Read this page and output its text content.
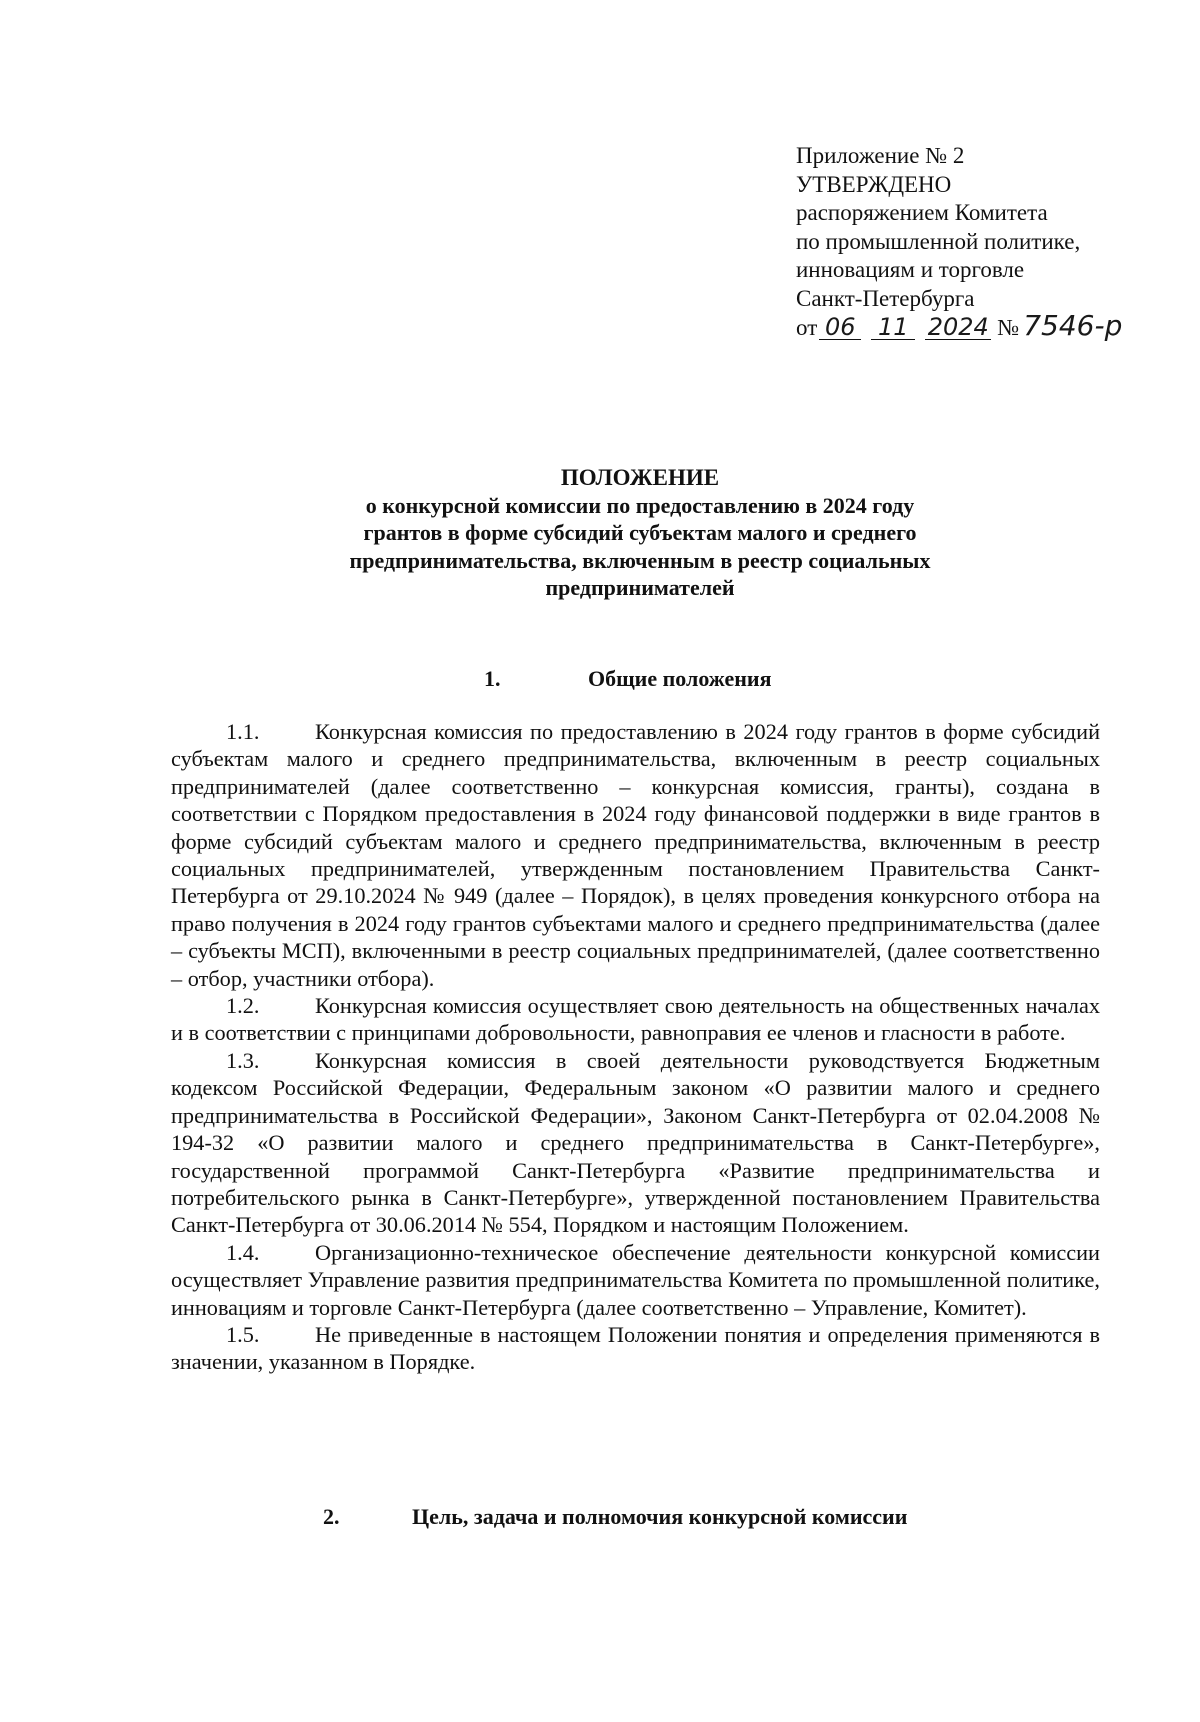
Приложение № 2
УТВЕРЖДЕНО
распоряжением Комитета
по промышленной политике,
инновациям и торговле
Санкт-Петербурга
от 06 11 2024 № 7546-р
ПОЛОЖЕНИЕ
о конкурсной комиссии по предоставлению в 2024 году
грантов в форме субсидий субъектам малого и среднего
предпринимательства, включенным в реестр социальных
предпринимателей
1.	Общие положения

1.1. Конкурсная комиссия по предоставлению в 2024 году грантов в форме субсидий субъектам малого и среднего предпринимательства, включенным в реестр социальных предпринимателей (далее соответственно – конкурсная комиссия, гранты), создана в соответствии с Порядком предоставления в 2024 году финансовой поддержки в виде грантов в форме субсидий субъектам малого и среднего предпринимательства, включенным в реестр социальных предпринимателей, утвержденным постановлением Правительства Санкт-Петербурга от 29.10.2024 № 949 (далее – Порядок), в целях проведения конкурсного отбора на право получения в 2024 году грантов субъектами малого и среднего предпринимательства (далее – субъекты МСП), включенными в реестр социальных предпринимателей, (далее соответственно – отбор, участники отбора).

1.2. Конкурсная комиссия осуществляет свою деятельность на общественных началах и в соответствии с принципами добровольности, равноправия ее членов и гласности в работе.

1.3. Конкурсная комиссия в своей деятельности руководствуется Бюджетным кодексом Российской Федерации, Федеральным законом «О развитии малого и среднего предпринимательства в Российской Федерации», Законом Санкт-Петербурга от 02.04.2008 № 194-32 «О развитии малого и среднего предпринимательства в Санкт-Петербурге», государственной программой Санкт-Петербурга «Развитие предпринимательства и потребительского рынка в Санкт-Петербурге», утвержденной постановлением Правительства Санкт-Петербурга от 30.06.2014 № 554, Порядком и настоящим Положением.

1.4. Организационно-техническое обеспечение деятельности конкурсной комиссии осуществляет Управление развития предпринимательства Комитета по промышленной политике, инновациям и торговле Санкт-Петербурга (далее соответственно – Управление, Комитет).

1.5. Не приведенные в настоящем Положении понятия и определения применяются в значении, указанном в Порядке.

2.	Цель, задача и полномочия конкурсной комиссии
